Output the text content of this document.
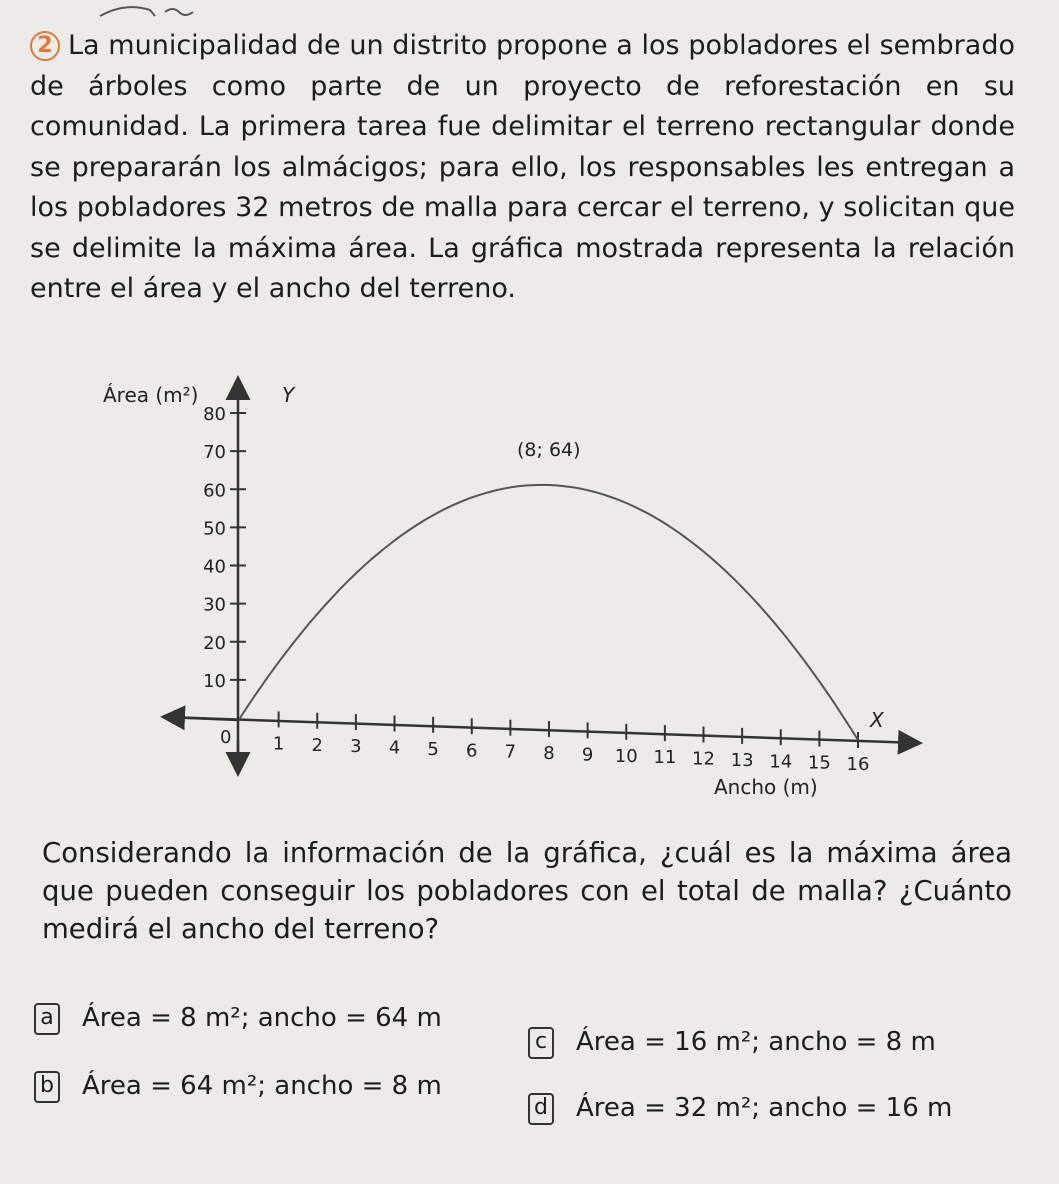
2 La municipalidad de un distrito propone a los pobladores el sembrado de árboles como parte de un proyecto de reforestación en su comunidad. La primera tarea fue delimitar el terreno rectangular donde se prepararán los almácigos; para ello, los responsables les entregan a los pobladores 32 metros de malla para cercar el terreno, y solicitan que se delimite la máxima área. La gráfica mostrada representa la relación entre el área y el ancho del terreno.
10
20
30
40
50
60
70
80
1 2 3 4 5 6 7 8 9 10 11 12 13 14 15 16
Área (m²)	Y
X
Ancho (m)
0
(8; 64)
Considerando la información de la gráfica, ¿cuál es la máxima área que pueden conseguir los pobladores con el total de malla? ¿Cuánto medirá el ancho del terreno?
a Área = 8 m²; ancho = 64 m
b Área = 64 m²; ancho = 8 m
c Área = 16 m²; ancho = 8 m
d Área = 32 m²; ancho = 16 m
